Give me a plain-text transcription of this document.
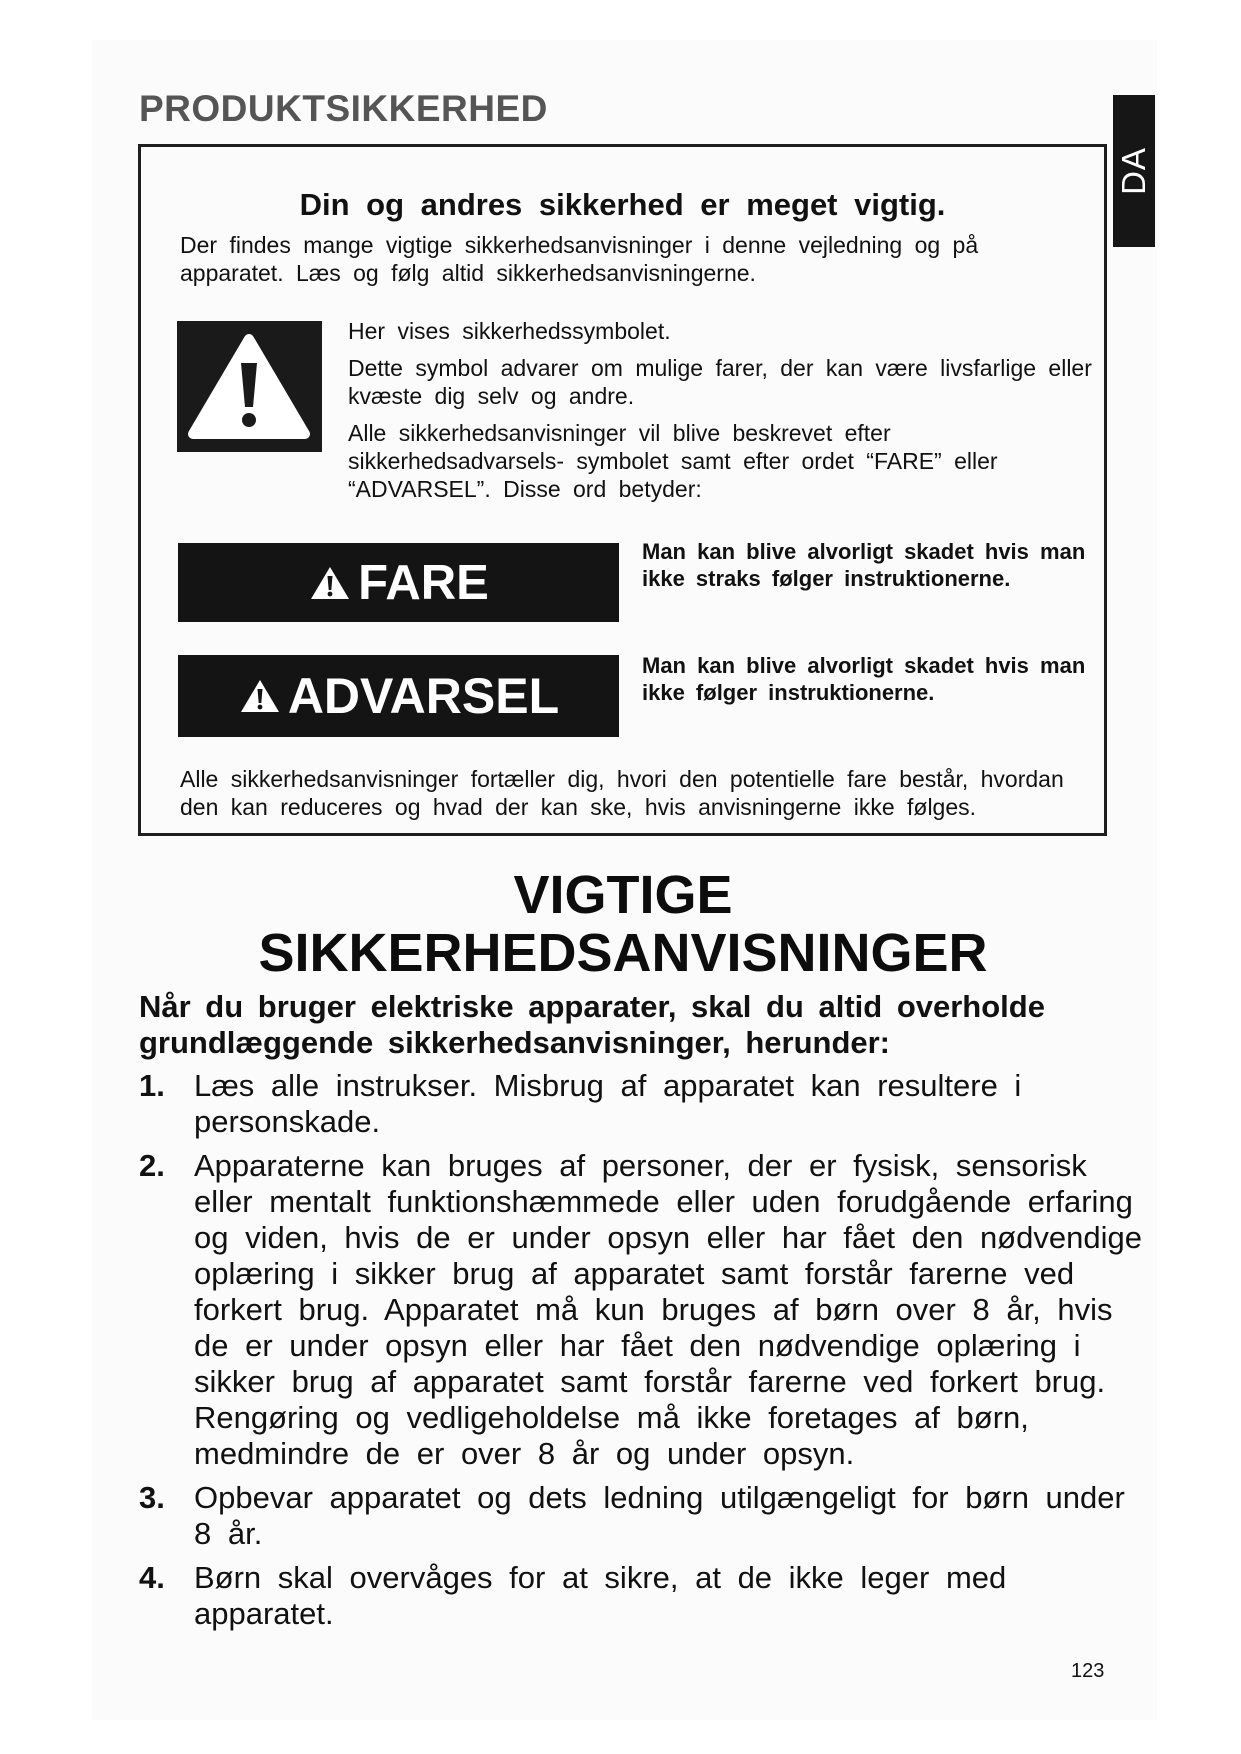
PRODUKTSIKKERHED
DA

Din og andres sikkerhed er meget vigtig.

Der findes mange vigtige sikkerhedsanvisninger i denne vejledning og på apparatet. Læs og følg altid sikkerhedsanvisningerne.

Her vises sikkerhedssymbolet.

Dette symbol advarer om mulige farer, der kan være livsfarlige eller kvæste dig selv og andre.

Alle sikkerhedsanvisninger vil blive beskrevet efter sikkerhedsadvarsels- symbolet samt efter ordet “FARE” eller “ADVARSEL”. Disse ord betyder:

FARE

Man kan blive alvorligt skadet hvis man ikke straks følger instruktionerne.

ADVARSEL

Man kan blive alvorligt skadet hvis man ikke følger instruktionerne.

Alle sikkerhedsanvisninger fortæller dig, hvori den potentielle fare består, hvordan den kan reduceres og hvad der kan ske, hvis anvisningerne ikke følges.

VIGTIGE
SIKKERHEDSANVISNINGER

Når du bruger elektriske apparater, skal du altid overholde grundlæggende sikkerhedsanvisninger, herunder:

1. Læs alle instrukser. Misbrug af apparatet kan resultere i personskade.
2. Apparaterne kan bruges af personer, der er fysisk, sensorisk eller mentalt funktionshæmmede eller uden forudgående erfaring og viden, hvis de er under opsyn eller har fået den nødvendige oplæring i sikker brug af apparatet samt forstår farerne ved forkert brug. Apparatet må kun bruges af børn over 8 år, hvis de er under opsyn eller har fået den nødvendige oplæring i sikker brug af apparatet samt forstår farerne ved forkert brug. Rengøring og vedligeholdelse må ikke foretages af børn, medmindre de er over 8 år og under opsyn.
3. Opbevar apparatet og dets ledning utilgængeligt for børn under 8 år.
4. Børn skal overvåges for at sikre, at de ikke leger med apparatet.
123
